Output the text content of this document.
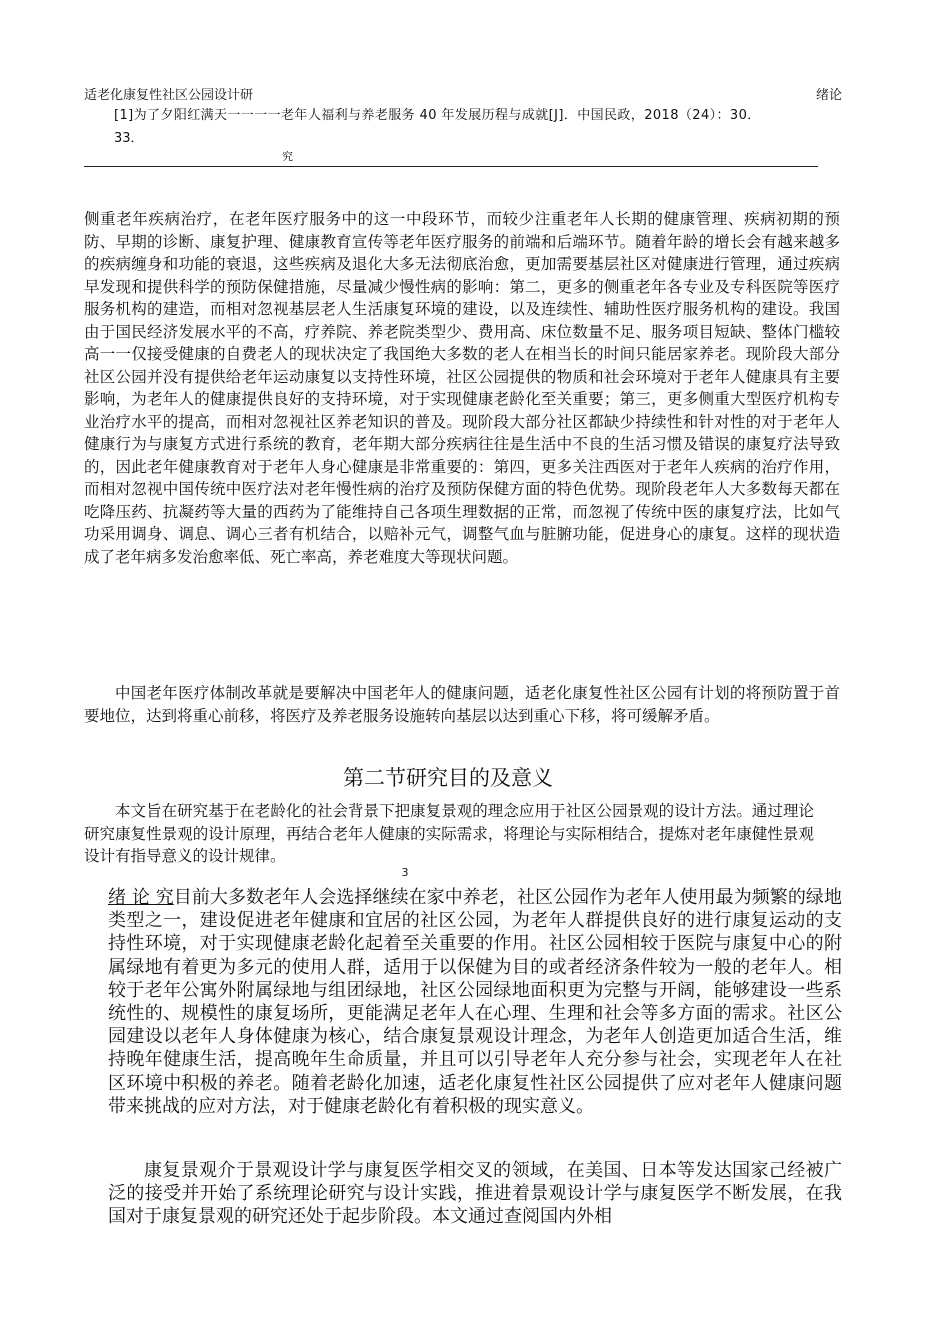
适老化康复性社区公园设计研	绪论
[1]为了夕阳红满天一一一一老年人福利与养老服务 40 年发展历程与成就[J]．中国民政，2018（24）：30．
33．
究

侧重老年疾病治疗，在老年医疗服务中的这一中段环节，而较少注重老年人长期的健康管理、疾病初期的预防、早期的诊断、康复护理、健康教育宣传等老年医疗服务的前端和后端环节。随着年龄的增长会有越来越多的疾病缠身和功能的衰退，这些疾病及退化大多无法彻底治愈，更加需要基层社区对健康进行管理，通过疾病早发现和提供科学的预防保健措施，尽量减少慢性病的影响：第二，更多的侧重老年各专业及专科医院等医疗服务机构的建造，而相对忽视基层老人生活康复环境的建设，以及连续性、辅助性医疗服务机构的建设。我国由于国民经济发展水平的不高，疗养院、养老院类型少、费用高、床位数量不足、服务项目短缺、整体门槛较高一一仅接受健康的自费老人的现状决定了我国绝大多数的老人在相当长的时间只能居家养老。现阶段大部分社区公园并没有提供给老年运动康复以支持性环境，社区公园提供的物质和社会环境对于老年人健康具有主要影响，为老年人的健康提供良好的支持环境，对于实现健康老龄化至关重要；第三，更多侧重大型医疗机构专业治疗水平的提高，而相对忽视社区养老知识的普及。现阶段大部分社区都缺少持续性和针对性的对于老年人健康行为与康复方式进行系统的教育，老年期大部分疾病往往是生活中不良的生活习惯及错误的康复疗法导致的，因此老年健康教育对于老年人身心健康是非常重要的：第四，更多关注西医对于老年人疾病的治疗作用，而相对忽视中国传统中医疗法对老年慢性病的治疗及预防保健方面的特色优势。现阶段老年人大多数每天都在吃降压药、抗凝药等大量的西药为了能维持自己各项生理数据的正常，而忽视了传统中医的康复疗法，比如气功采用调身、调息、调心三者有机结合，以赔补元气，调整气血与脏腑功能，促进身心的康复。这样的现状造成了老年病多发治愈率低、死亡率高，养老难度大等现状问题。

中国老年医疗体制改革就是要解决中国老年人的健康问题，适老化康复性社区公园有计划的将预防置于首要地位，达到将重心前移，将医疗及养老服务设施转向基层以达到重心下移，将可缓解矛盾。

第二节研究目的及意义

本文旨在研究基于在老龄化的社会背景下把康复景观的理念应用于社区公园景观的设计方法。通过理论研究康复性景观的设计原理，再结合老年人健康的实际需求，将理论与实际相结合，提炼对老年康健性景观设计有指导意义的设计规律。

3

绪 论 究目前大多数老年人会选择继续在家中养老，社区公园作为老年人使用最为频繁的绿地类型之一，建设促进老年健康和宜居的社区公园，为老年人群提供良好的进行康复运动的支持性环境，对于实现健康老龄化起着至关重要的作用。社区公园相较于医院与康复中心的附属绿地有着更为多元的使用人群，适用于以保健为目的或者经济条件较为一般的老年人。相较于老年公寓外附属绿地与组团绿地，社区公园绿地面积更为完整与开阔，能够建设一些系统性的、规模性的康复场所，更能满足老年人在心理、生理和社会等多方面的需求。社区公园建设以老年人身体健康为核心，结合康复景观设计理念，为老年人创造更加适合生活，维持晚年健康生活，提高晚年生命质量，并且可以引导老年人充分参与社会，实现老年人在社区环境中积极的养老。随着老龄化加速，适老化康复性社区公园提供了应对老年人健康问题带来挑战的应对方法，对于健康老龄化有着积极的现实意义。

康复景观介于景观设计学与康复医学相交叉的领域，在美国、日本等发达国家己经被广泛的接受并开始了系统理论研究与设计实践，推进着景观设计学与康复医学不断发展，在我国对于康复景观的研究还处于起步阶段。本文通过查阅国内外相
